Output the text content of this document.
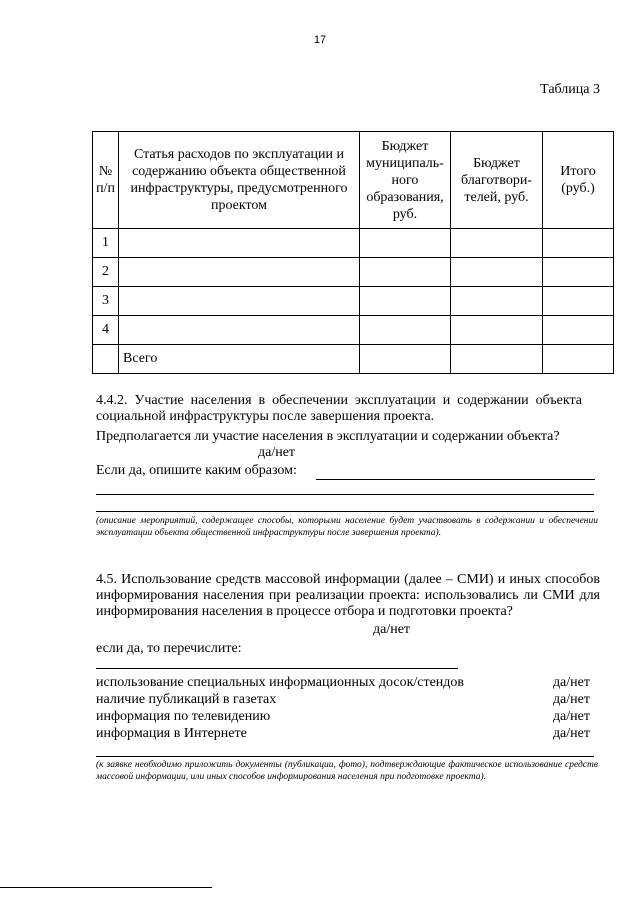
17
Таблица 3
№ п/п	Статья расходов по эксплуатации и содержанию объекта общественной инфраструктуры, предусмотренного проектом	Бюджет муниципаль-ного образования, руб.	Бюджет благотвори-телей, руб.	Итого (руб.)
1				
2				
3				
4				
	Всего			
4.4.2. Участие населения в обеспечении эксплуатации и содержании объекта социальной инфраструктуры после завершения проекта.
Предполагается ли участие населения в эксплуатации и содержании объекта?
да/нет
Если да, опишите каким образом:
(описание мероприятий, содержащее способы, которыми население будет участвовать в содержании и обеспечении эксплуатации объекта общественной инфраструктуры после завершения проекта).
4.5. Использование средств массовой информации (далее – СМИ) и иных способов информирования населения при реализации проекта: использовались ли СМИ для информирования населения в процессе отбора и подготовки проекта?
да/нет
если да, то перечислите:
использование специальных информационных досок/стендов	да/нет
наличие публикаций в газетах	да/нет
информация по телевидению	да/нет
информация в Интернете	да/нет
(к заявке необходимо приложить документы (публикации, фото), подтверждающие фактическое использование средств массовой информации, или иных способов информирования населения при подготовке проекта).
